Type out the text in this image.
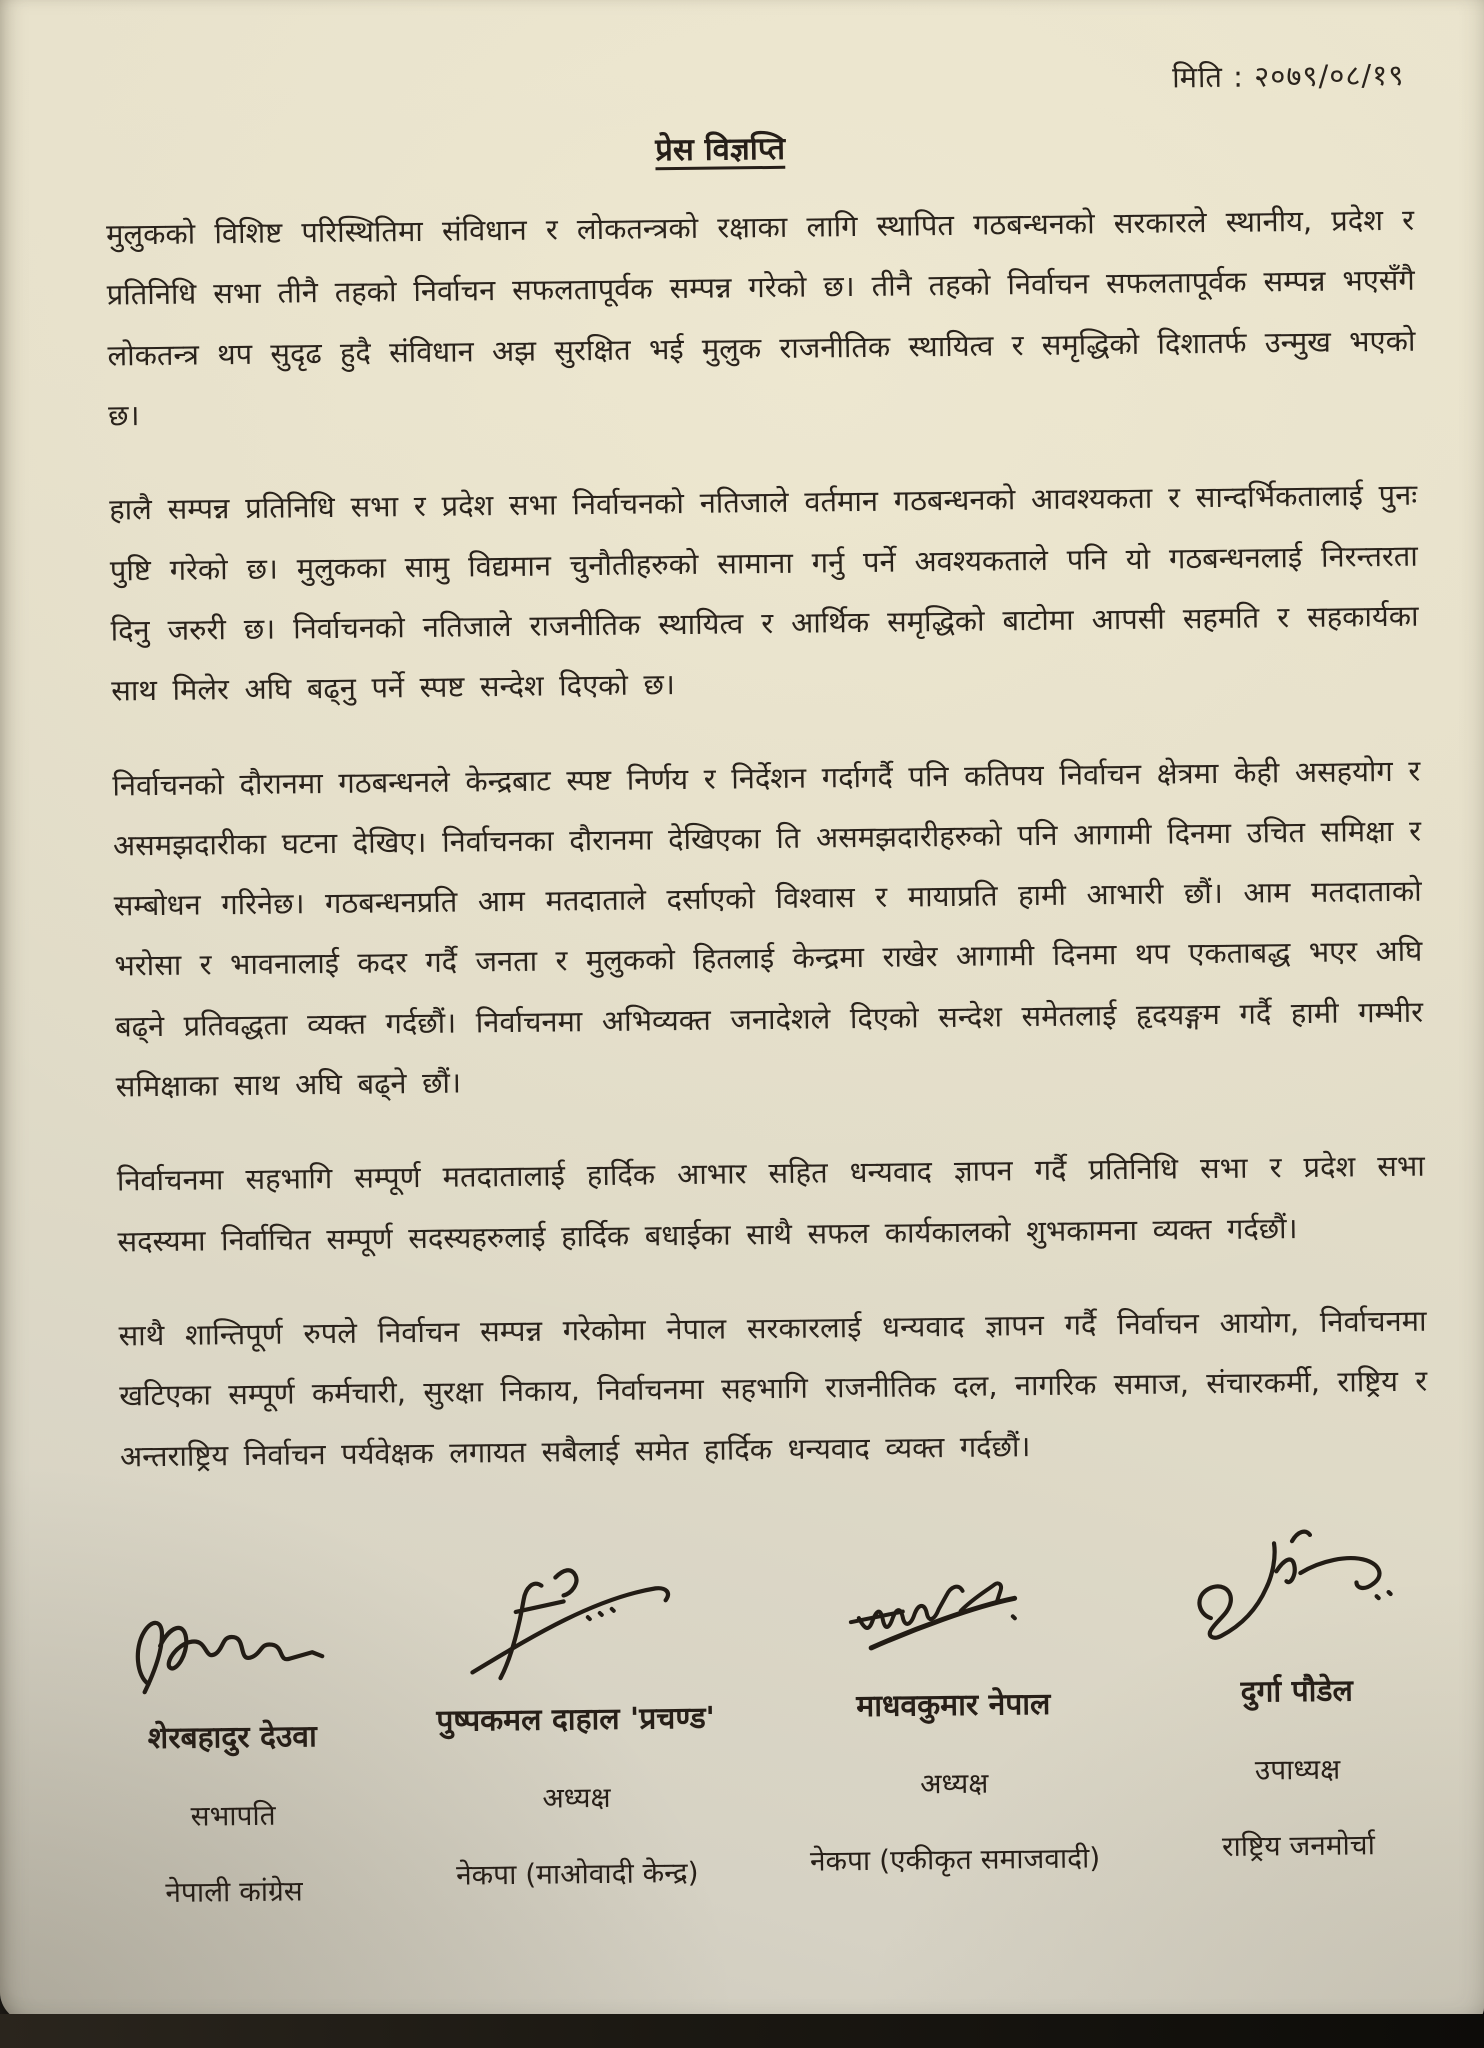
मिति : २०७९/०८/१९
प्रेस विज्ञप्ति

मुलुकको विशिष्ट परिस्थितिमा संविधान र लोकतन्त्रको रक्षाका लागि स्थापित गठबन्धनको सरकारले स्थानीय, प्रदेश र प्रतिनिधि सभा तीनै तहको निर्वाचन सफलतापूर्वक सम्पन्न गरेको छ। तीनै तहको निर्वाचन सफलतापूर्वक सम्पन्न भएसँगै लोकतन्त्र थप सुदृढ हुदै संविधान अझ सुरक्षित भई मुलुक राजनीतिक स्थायित्व र समृद्धिको दिशातर्फ उन्मुख भएको छ।

हालै सम्पन्न प्रतिनिधि सभा र प्रदेश सभा निर्वाचनको नतिजाले वर्तमान गठबन्धनको आवश्यकता र सान्दर्भिकतालाई पुनः पुष्टि गरेको छ। मुलुकका सामु विद्यमान चुनौतीहरुको सामाना गर्नु पर्ने अवश्यकताले पनि यो गठबन्धनलाई निरन्तरता दिनु जरुरी छ। निर्वाचनको नतिजाले राजनीतिक स्थायित्व र आर्थिक समृद्धिको बाटोमा आपसी सहमति र सहकार्यका साथ मिलेर अघि बढ्नु पर्ने स्पष्ट सन्देश दिएको छ।

निर्वाचनको दौरानमा गठबन्धनले केन्द्रबाट स्पष्ट निर्णय र निर्देशन गर्दागर्दै पनि कतिपय निर्वाचन क्षेत्रमा केही असहयोग र असमझदारीका घटना देखिए। निर्वाचनका दौरानमा देखिएका ति असमझदारीहरुको पनि आगामी दिनमा उचित समिक्षा र सम्बोधन गरिनेछ। गठबन्धनप्रति आम मतदाताले दर्साएको विश्वास र मायाप्रति हामी आभारी छौं। आम मतदाताको भरोसा र भावनालाई कदर गर्दै जनता र मुलुकको हितलाई केन्द्रमा राखेर आगामी दिनमा थप एकताबद्ध भएर अघि बढ्ने प्रतिवद्धता व्यक्त गर्दछौं। निर्वाचनमा अभिव्यक्त जनादेशले दिएको सन्देश समेतलाई हृदयङ्गम गर्दै हामी गम्भीर समिक्षाका साथ अघि बढ्ने छौं।

निर्वाचनमा सहभागि सम्पूर्ण मतदातालाई हार्दिक आभार सहित धन्यवाद ज्ञापन गर्दै प्रतिनिधि सभा र प्रदेश सभा सदस्यमा निर्वाचित सम्पूर्ण सदस्यहरुलाई हार्दिक बधाईका साथै सफल कार्यकालको शुभकामना व्यक्त गर्दछौं।

साथै शान्तिपूर्ण रुपले निर्वाचन सम्पन्न गरेकोमा नेपाल सरकारलाई धन्यवाद ज्ञापन गर्दै निर्वाचन आयोग, निर्वाचनमा खटिएका सम्पूर्ण कर्मचारी, सुरक्षा निकाय, निर्वाचनमा सहभागि राजनीतिक दल, नागरिक समाज, संचारकर्मी, राष्ट्रिय र अन्तराष्ट्रिय निर्वाचन पर्यवेक्षक लगायत सबैलाई समेत हार्दिक धन्यवाद व्यक्त गर्दछौं।

शेरबहादुर देउवा
सभापति
नेपाली कांग्रेस
पुष्पकमल दाहाल 'प्रचण्ड'
अध्यक्ष
नेकपा (माओवादी केन्द्र)
माधवकुमार नेपाल
अध्यक्ष
नेकपा (एकीकृत समाजवादी)
दुर्गा पौडेल
उपाध्यक्ष
राष्ट्रिय जनमोर्चा
